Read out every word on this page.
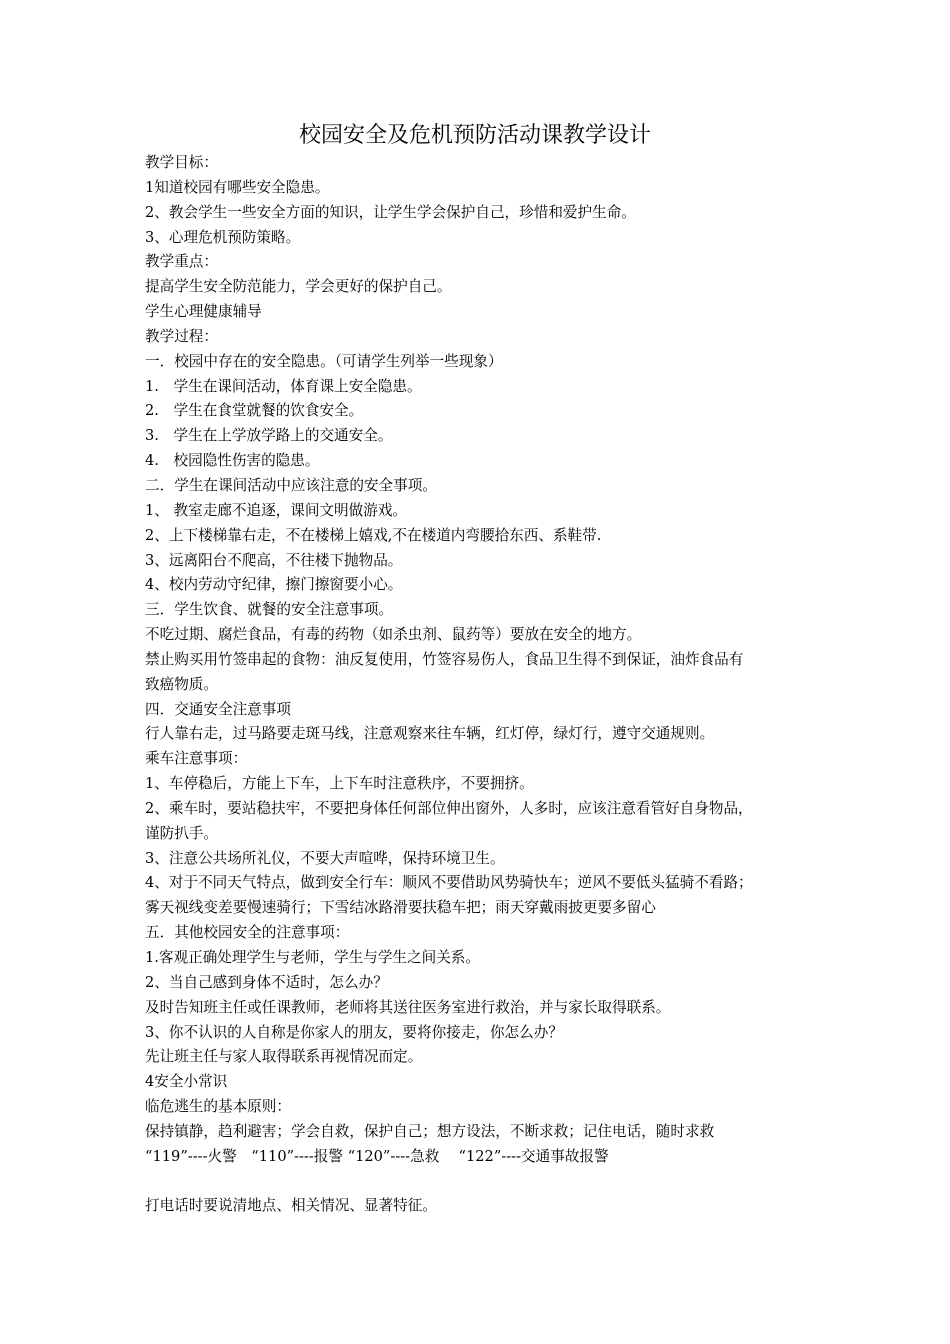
校园安全及危机预防活动课教学设计
教学目标：
1知道校园有哪些安全隐患。
2、教会学生一些安全方面的知识，让学生学会保护自己，珍惜和爱护生命。
3、心理危机预防策略。
教学重点：
提高学生安全防范能力，学会更好的保护自己。
学生心理健康辅导
教学过程：
一．校园中存在的安全隐患。（可请学生列举一些现象）
1.　学生在课间活动，体育课上安全隐患。
2.　学生在食堂就餐的饮食安全。
3.　学生在上学放学路上的交通安全。
4.　校园隐性伤害的隐患。
二．学生在课间活动中应该注意的安全事项。
1、 教室走廊不追逐，课间文明做游戏。
2、上下楼梯靠右走，不在楼梯上嬉戏,不在楼道内弯腰拾东西、系鞋带.
3、远离阳台不爬高，不往楼下抛物品。
4、校内劳动守纪律，擦门擦窗要小心。
三．学生饮食、就餐的安全注意事项。
不吃过期、腐烂食品，有毒的药物（如杀虫剂、鼠药等）要放在安全的地方。
禁止购买用竹签串起的食物：油反复使用，竹签容易伤人，食品卫生得不到保证，油炸食品有
致癌物质。
四．交通安全注意事项
行人靠右走，过马路要走斑马线，注意观察来往车辆，红灯停，绿灯行，遵守交通规则。
乘车注意事项：
1、车停稳后，方能上下车，上下车时注意秩序，不要拥挤。
2、乘车时，要站稳扶牢，不要把身体任何部位伸出窗外，人多时，应该注意看管好自身物品，
谨防扒手。
3、注意公共场所礼仪，不要大声喧哗，保持环境卫生。
4、对于不同天气特点，做到安全行车：顺风不要借助风势骑快车；逆风不要低头猛骑不看路；
雾天视线变差要慢速骑行；下雪结冰路滑要扶稳车把；雨天穿戴雨披更要多留心
五．其他校园安全的注意事项：
1.客观正确处理学生与老师，学生与学生之间关系。
2、当自己感到身体不适时，怎么办？
及时告知班主任或任课教师，老师将其送往医务室进行救治，并与家长取得联系。
3、你不认识的人自称是你家人的朋友，要将你接走，你怎么办？
先让班主任与家人取得联系再视情况而定。
4安全小常识
临危逃生的基本原则：
保持镇静，趋利避害；学会自救，保护自己；想方设法，不断求救；记住电话，随时求救
“119”----火警　“110”----报警 “120”----急救　 “122”----交通事故报警
打电话时要说清地点、相关情况、显著特征。
